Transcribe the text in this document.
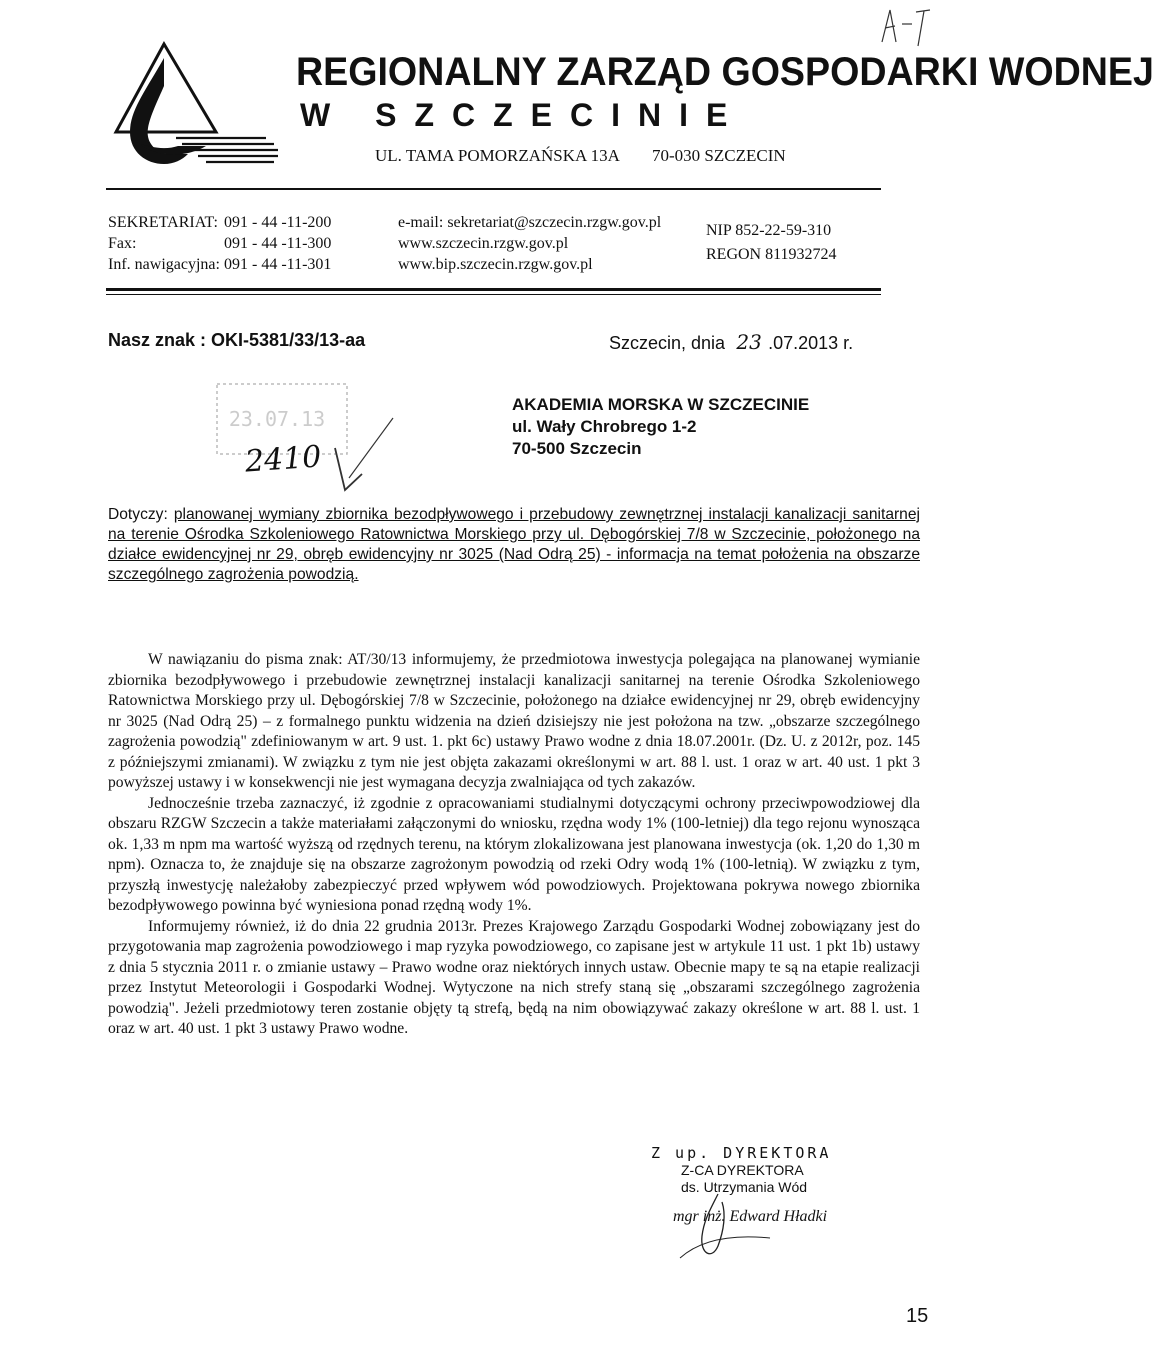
REGIONALNY ZARZĄD GOSPODARKI WODNEJ
W SZCZECINIE
UL. TAMA POMORZAŃSKA 13A 70-030 SZCZECIN
SEKRETARIAT:
Fax:
Inf. nawigacyjna:
091 - 44 -11-200
091 - 44 -11-300
091 - 44 -11-301
e-mail: sekretariat@szczecin.rzgw.gov.pl
www.szczecin.rzgw.gov.pl
www.bip.szczecin.rzgw.gov.pl
NIP 852-22-59-310
REGON 811932724
Nasz znak : OKI-5381/33/13-aa	Szczecin, dnia 23 .07.2013 r.
23.07.13
2410
AKADEMIA MORSKA W SZCZECINIE
ul. Wały Chrobrego 1-2
70-500 Szczecin
Dotyczy: planowanej wymiany zbiornika bezodpływowego i przebudowy zewnętrznej instalacji kanalizacji sanitarnej na terenie Ośrodka Szkoleniowego Ratownictwa Morskiego przy ul. Dębogórskiej 7/8 w Szczecinie, położonego na działce ewidencyjnej nr 29, obręb ewidencyjny nr 3025 (Nad Odrą 25) - informacja na temat położenia na obszarze szczególnego zagrożenia powodzią.

W nawiązaniu do pisma znak: AT/30/13 informujemy, że przedmiotowa inwestycja polegająca na planowanej wymianie zbiornika bezodpływowego i przebudowie zewnętrznej instalacji kanalizacji sanitarnej na terenie Ośrodka Szkoleniowego Ratownictwa Morskiego przy ul. Dębogórskiej 7/8 w Szczecinie, położonego na działce ewidencyjnej nr 29, obręb ewidencyjny nr 3025 (Nad Odrą 25) – z formalnego punktu widzenia na dzień dzisiejszy nie jest położona na tzw. „obszarze szczególnego zagrożenia powodzią" zdefiniowanym w art. 9 ust. 1. pkt 6c) ustawy Prawo wodne z dnia 18.07.2001r. (Dz. U. z 2012r, poz. 145 z późniejszymi zmianami). W związku z tym nie jest objęta zakazami określonymi w art. 88 l. ust. 1 oraz w art. 40 ust. 1 pkt 3 powyższej ustawy i w konsekwencji nie jest wymagana decyzja zwalniająca od tych zakazów.

Jednocześnie trzeba zaznaczyć, iż zgodnie z opracowaniami studialnymi dotyczącymi ochrony przeciwpowodziowej dla obszaru RZGW Szczecin a także materiałami załączonymi do wniosku, rzędna wody 1% (100-letniej) dla tego rejonu wynosząca ok. 1,33 m npm ma wartość wyższą od rzędnych terenu, na którym zlokalizowana jest planowana inwestycja (ok. 1,20 do 1,30 m npm). Oznacza to, że znajduje się na obszarze zagrożonym powodzią od rzeki Odry wodą 1% (100-letnią). W związku z tym, przyszłą inwestycję należałoby zabezpieczyć przed wpływem wód powodziowych. Projektowana pokrywa nowego zbiornika bezodpływowego powinna być wyniesiona ponad rzędną wody 1%.

Informujemy również, iż do dnia 22 grudnia 2013r. Prezes Krajowego Zarządu Gospodarki Wodnej zobowiązany jest do przygotowania map zagrożenia powodziowego i map ryzyka powodziowego, co zapisane jest w artykule 11 ust. 1 pkt 1b) ustawy z dnia 5 stycznia 2011 r. o zmianie ustawy – Prawo wodne oraz niektórych innych ustaw. Obecnie mapy te są na etapie realizacji przez Instytut Meteorologii i Gospodarki Wodnej. Wytyczone na nich strefy staną się „obszarami szczególnego zagrożenia powodzią". Jeżeli przedmiotowy teren zostanie objęty tą strefą, będą na nim obowiązywać zakazy określone w art. 88 l. ust. 1 oraz w art. 40 ust. 1 pkt 3 ustawy Prawo wodne.

Z up. DYREKTORA
Z-CA DYREKTORA
ds. Utrzymania Wód
mgr inż. Edward Hładki
15
